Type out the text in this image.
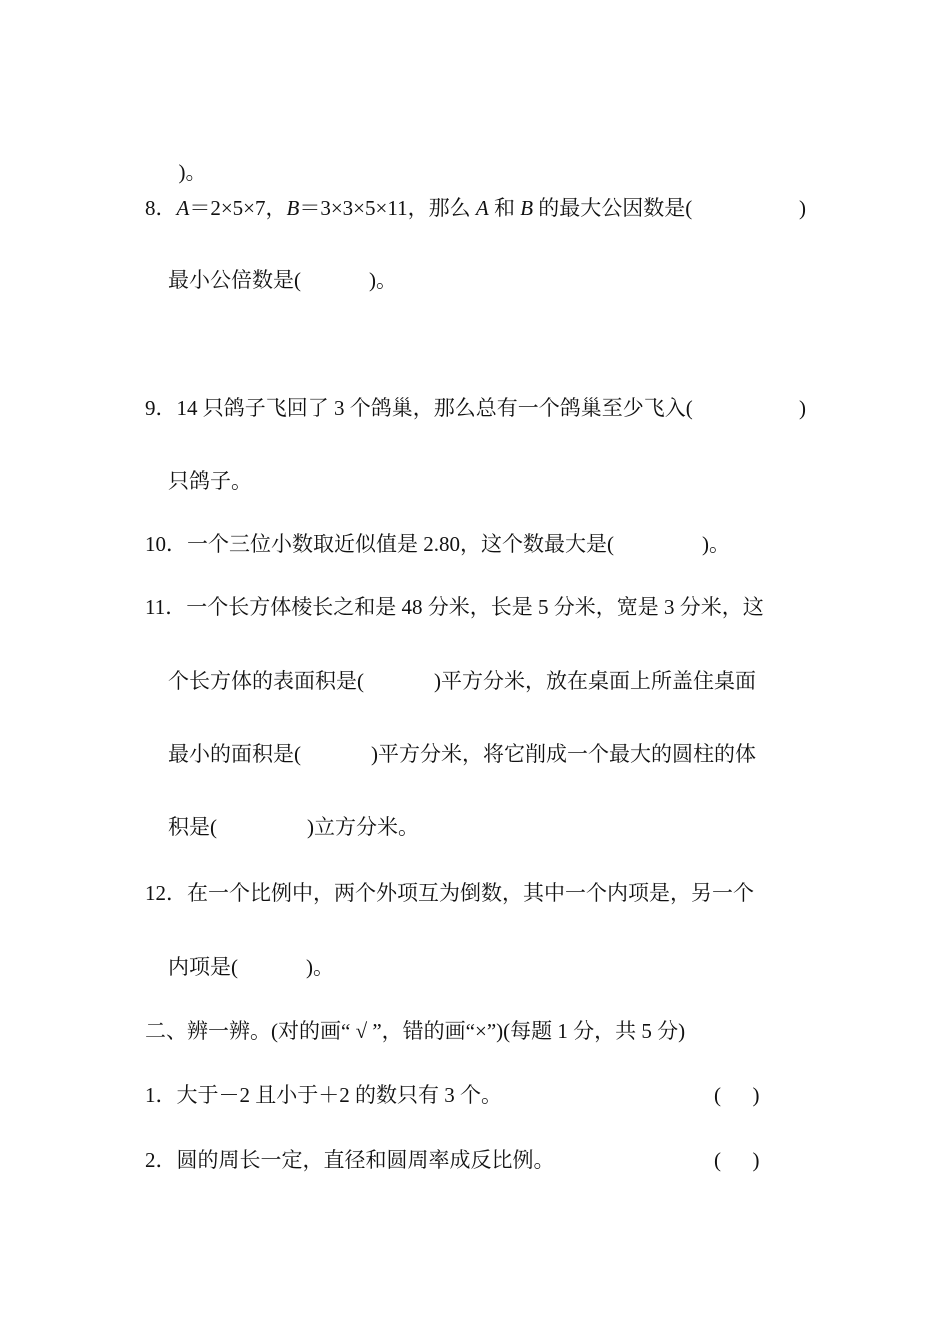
)。

8．A＝2×5×7，B＝3×3×5×11，那么 A 和 B 的最大公因数是(	)
最小公倍数是(	)。
9．14 只鸽子飞回了 3 个鸽巢，那么总有一个鸽巢至少飞入(	)
只鸽子。
10．一个三位小数取近似值是 2.80，这个数最大是(	)。
11．一个长方体棱长之和是 48 分米，长是 5 分米，宽是 3 分米，这
个长方体的表面积是(	)平方分米，放在桌面上所盖住桌面
最小的面积是(	)平方分米，将它削成一个最大的圆柱的体
积是(	)立方分米。
12．在一个比例中，两个外项互为倒数，其中一个内项是，另一个
内项是(	)。
二、辨一辨。(对的画“ √ ”，错的画“×”)(每题 1 分，共 5 分)
1．大于－2 且小于＋2 的数只有 3 个。	(　  )
2．圆的周长一定，直径和圆周率成反比例。	(　  )
